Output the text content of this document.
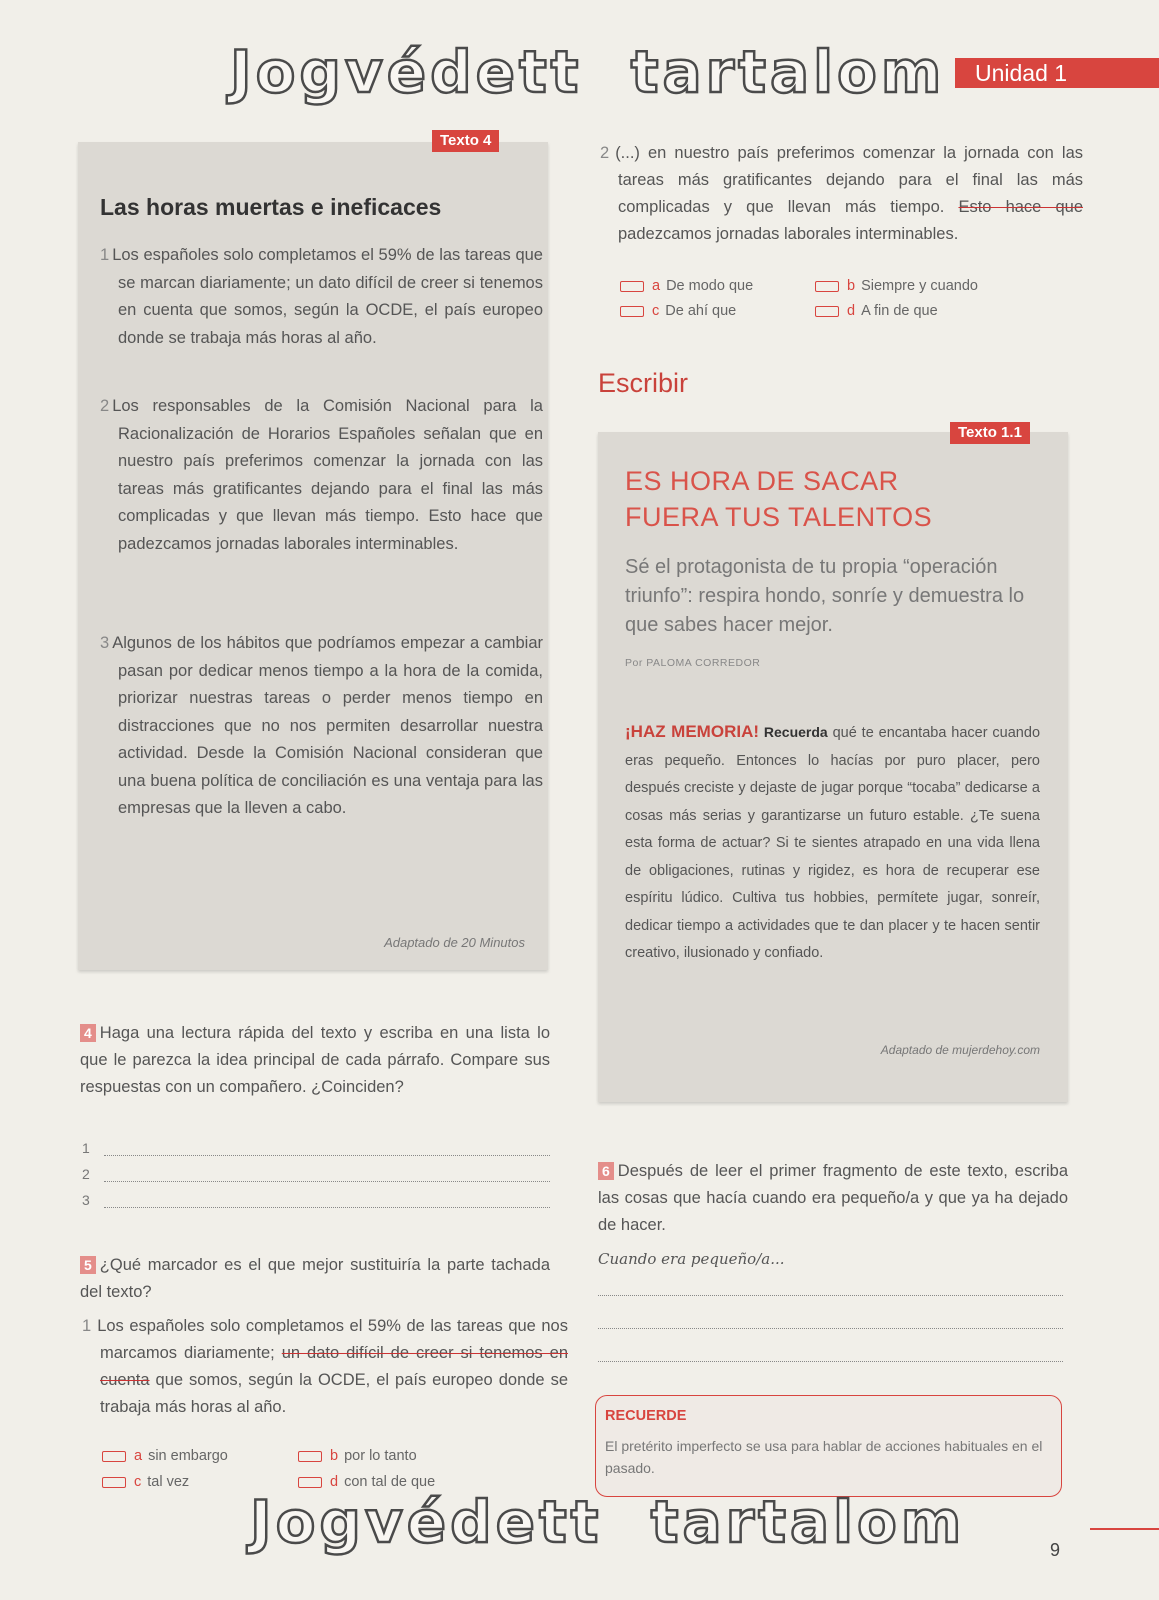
Jogvédett  tartalom	Unidad 1
Texto 4
Las horas muertas e ineficaces
1 Los españoles solo completamos el 59% de las tareas que se marcan diariamente; un dato difícil de creer si tenemos en cuenta que somos, según la OCDE, el país europeo donde se trabaja más horas al año.
2 Los responsables de la Comisión Nacional para la Racionalización de Horarios Españoles señalan que en nuestro país preferimos comenzar la jornada con las tareas más gratificantes dejando para el final las más complicadas y que llevan más tiempo. Esto hace que padezcamos jornadas laborales interminables.
3 Algunos de los hábitos que podríamos empezar a cambiar pasan por dedicar menos tiempo a la hora de la comida, priorizar nuestras tareas o perder menos tiempo en distracciones que no nos permiten desarrollar nuestra actividad. Desde la Comisión Nacional consideran que una buena política de conciliación es una ventaja para las empresas que la lleven a cabo.
Adaptado de 20 Minutos
4 Haga una lectura rápida del texto y escriba en una lista lo que le parezca la idea principal de cada párrafo. Compare sus respuestas con un compañero. ¿Coinciden?
1
2
3
5 ¿Qué marcador es el que mejor sustituiría la parte tachada del texto?
1 Los españoles solo completamos el 59% de las tareas que nos marcamos diariamente; un dato difícil de creer si tenemos en cuenta que somos, según la OCDE, el país europeo donde se trabaja más horas al año.
a sin embargo	b por lo tanto
c tal vez	d con tal de que
2 (...) en nuestro país preferimos comenzar la jornada con las tareas más gratificantes dejando para el final las más complicadas y que llevan más tiempo. Esto hace que padezcamos jornadas laborales interminables.
a De modo que	b Siempre y cuando
c De ahí que	d A fin de que
Escribir
Texto 1.1
ES HORA DE SACAR
FUERA TUS TALENTOS
Sé el protagonista de tu propia “operación triunfo”: respira hondo, sonríe y demuestra lo que sabes hacer mejor.
Por PALOMA CORREDOR
¡HAZ MEMORIA! Recuerda qué te encantaba hacer cuando eras pequeño. Entonces lo hacías por puro placer, pero después creciste y dejaste de jugar porque “tocaba” dedicarse a cosas más serias y garantizarse un futuro estable. ¿Te suena esta forma de actuar? Si te sientes atrapado en una vida llena de obligaciones, rutinas y rigidez, es hora de recuperar ese espíritu lúdico. Cultiva tus hobbies, permítete jugar, sonreír, dedicar tiempo a actividades que te dan placer y te hacen sentir creativo, ilusionado y confiado.
Adaptado de mujerdehoy.com
6 Después de leer el primer fragmento de este texto, escriba las cosas que hacía cuando era pequeño/a y que ya ha dejado de hacer.
Cuando era pequeño/a...
RECUERDE
El pretérito imperfecto se usa para hablar de acciones habituales en el pasado.
Jogvédett  tartalom	9
